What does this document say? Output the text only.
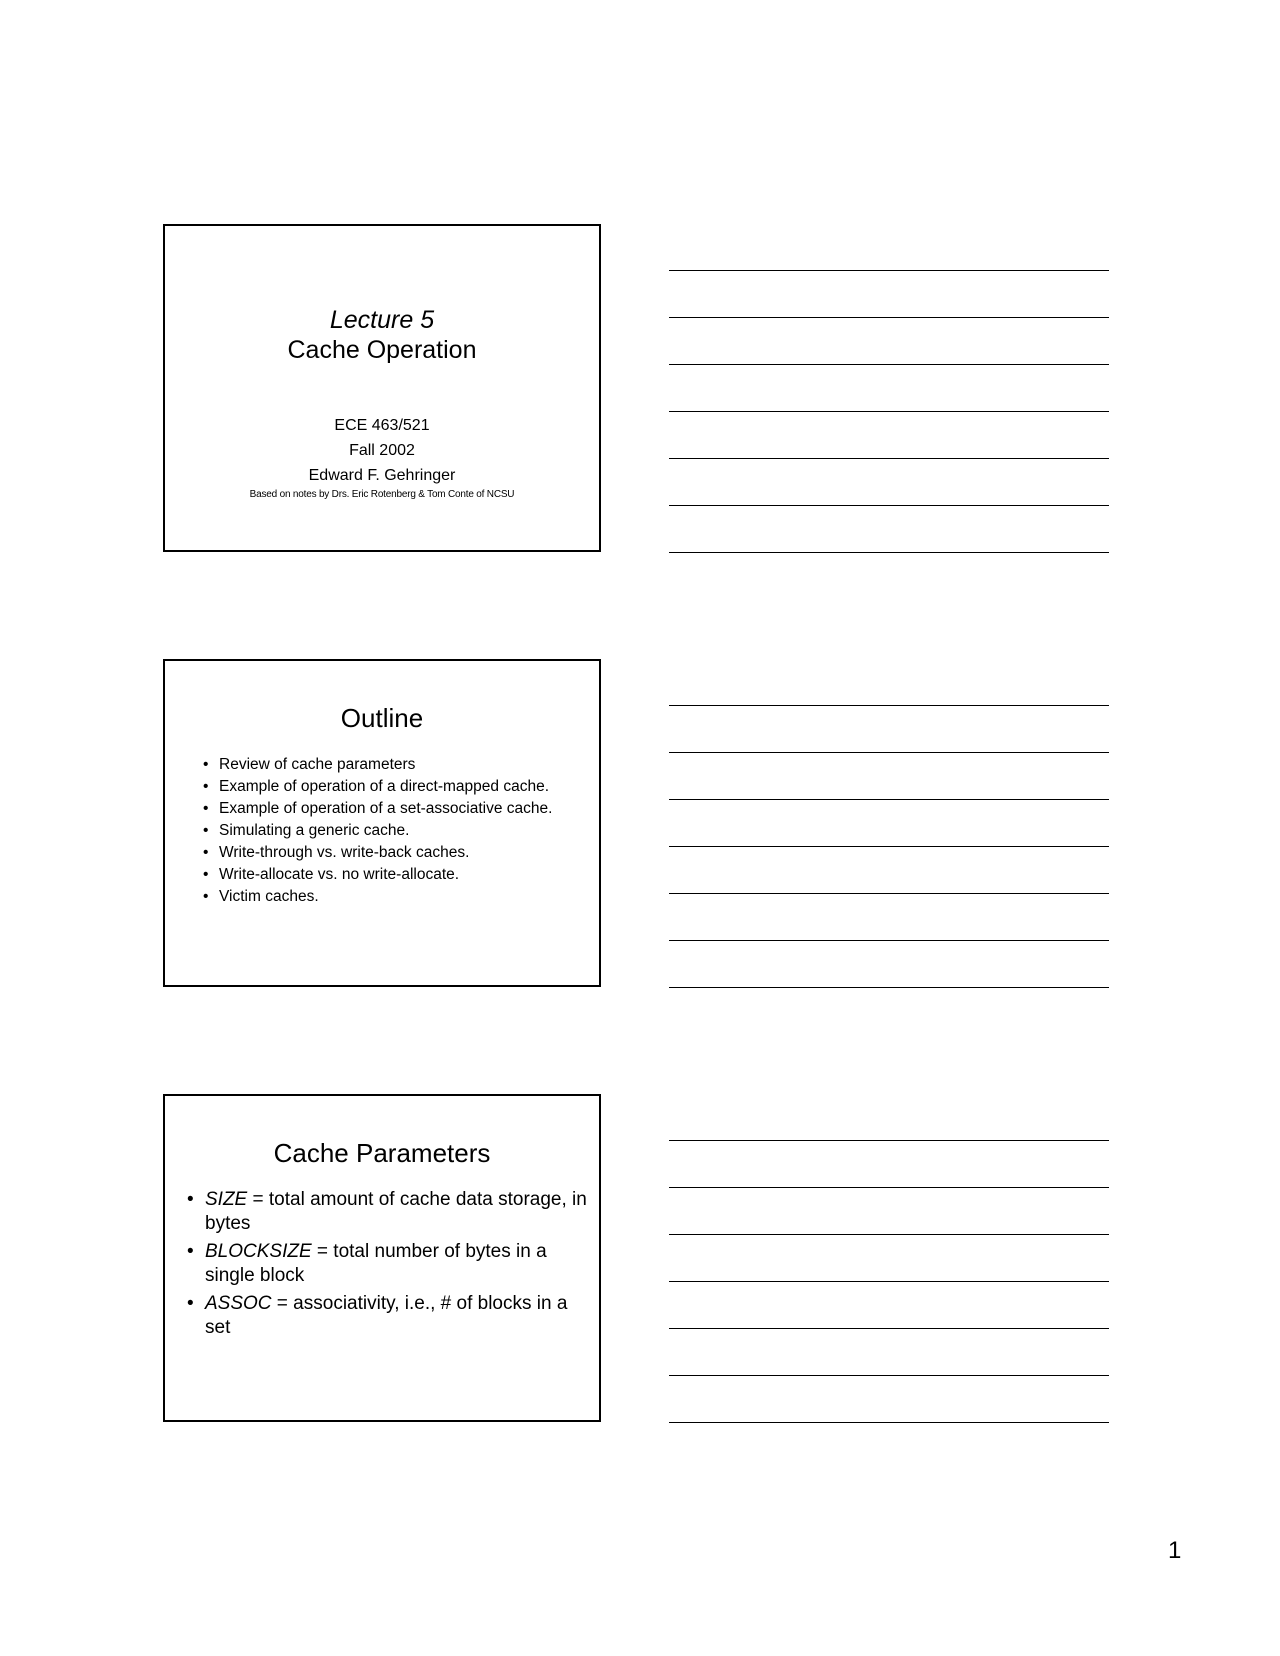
Lecture 5
Cache Operation
ECE 463/521
Fall 2002
Edward F. Gehringer
Based on notes by Drs. Eric Rotenberg & Tom Conte of NCSU
Outline
• Review of cache parameters
• Example of operation of a direct-mapped cache.
• Example of operation of a set-associative cache.
• Simulating a generic cache.
• Write-through vs. write-back caches.
• Write-allocate vs. no write-allocate.
• Victim caches.
Cache Parameters
• SIZE = total amount of cache data storage, in bytes
• BLOCKSIZE = total number of bytes in a single block
• ASSOC = associativity, i.e., # of blocks in a set
1
